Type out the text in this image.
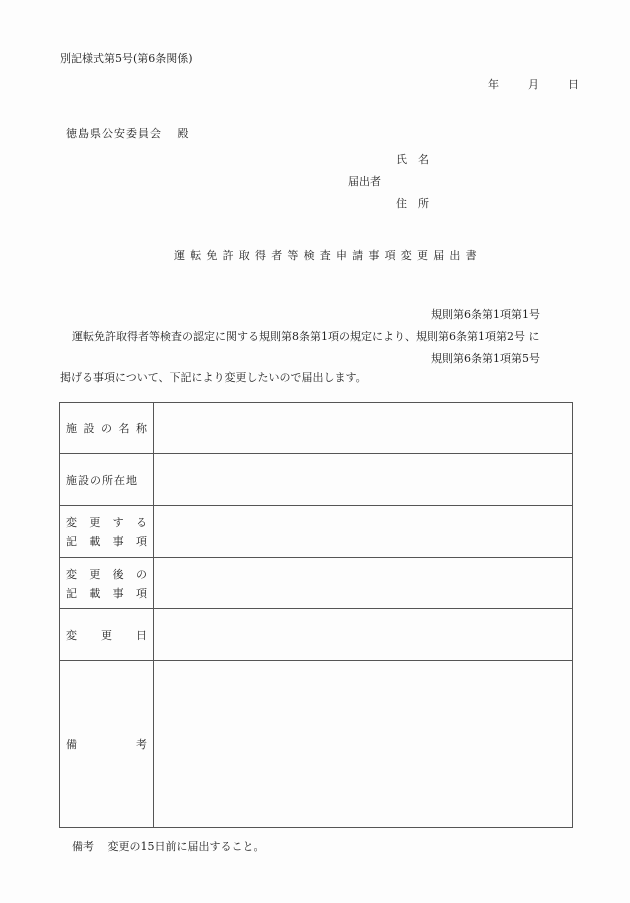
別記様式第5号(第6条関係)
年	月	日
徳島県公安委員会 殿
氏　名
届出者
住　所
運転免許取得者等検査申請事項変更届出書
規則第6条第1項第1号
運転免許取得者等検査の認定に関する規則第8条第1項の規定により、規則第6条第1項第2号 に
規則第6条第1項第5号
掲げる事項について、下記により変更したいので届出します。
施 設 の 名 称	

施設の所在地	

変 更 す る
記 載 事 項

変 更 後 の
記 載 事 項

変 更 日	

備 考	

備考 変更の15日前に届出すること。
